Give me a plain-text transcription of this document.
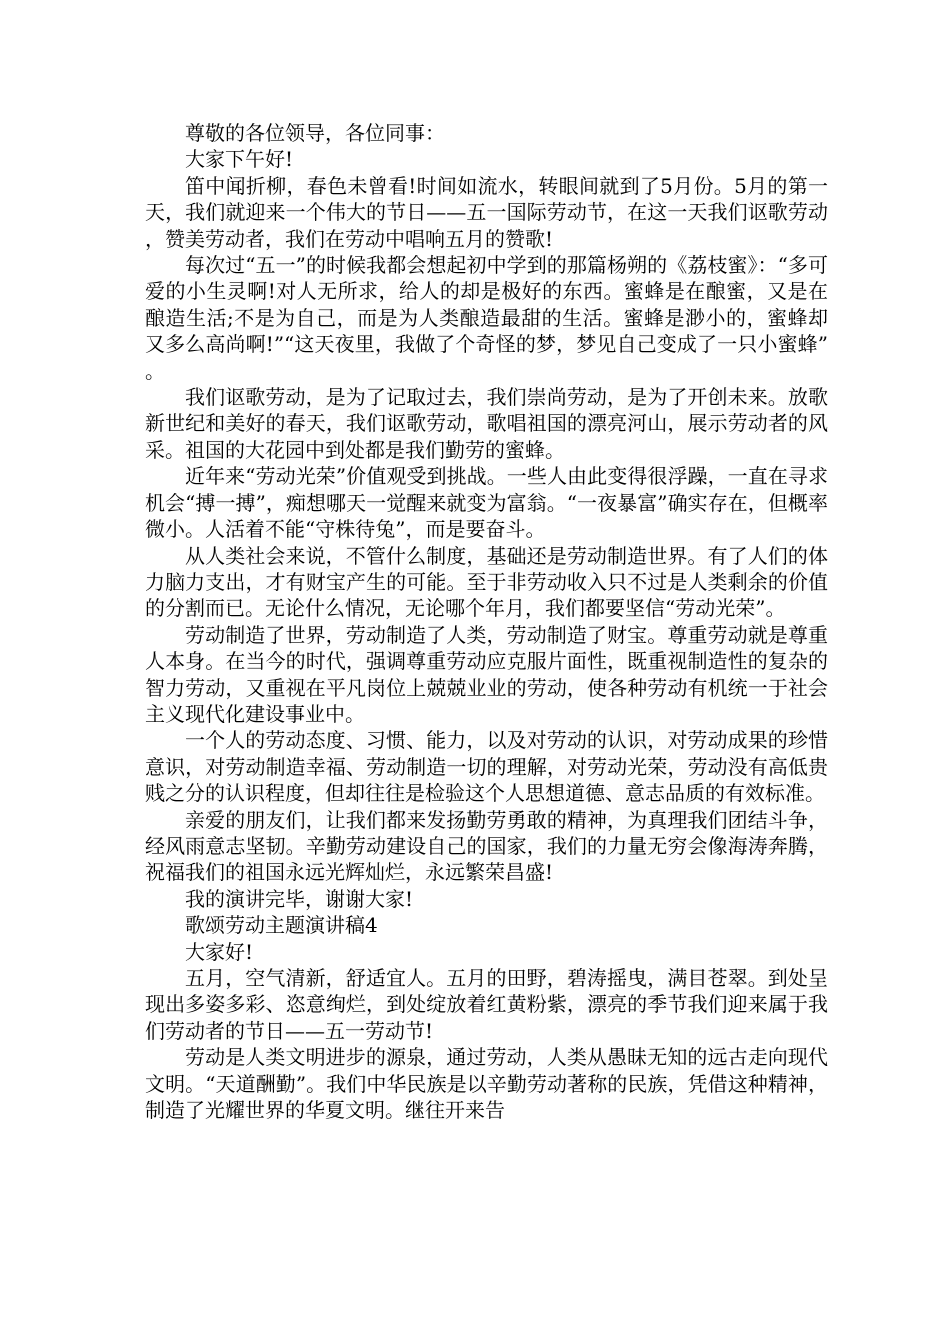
尊敬的各位领导，各位同事：

大家下午好!

笛中闻折柳，春色未曾看!时间如流水，转眼间就到了5月份。5月的第一天，我们就迎来一个伟大的节日——五一国际劳动节，在这一天我们讴歌劳动，赞美劳动者，我们在劳动中唱响五月的赞歌!

每次过“五一”的时候我都会想起初中学到的那篇杨朔的《荔枝蜜》：“多可爱的小生灵啊!对人无所求，给人的却是极好的东西。蜜蜂是在酿蜜，又是在酿造生活;不是为自己，而是为人类酿造最甜的生活。蜜蜂是渺小的，蜜蜂却又多么高尚啊!”“这天夜里，我做了个奇怪的梦，梦见自己变成了一只小蜜蜂”。

我们讴歌劳动，是为了记取过去，我们崇尚劳动，是为了开创未来。放歌新世纪和美好的春天，我们讴歌劳动，歌唱祖国的漂亮河山，展示劳动者的风采。祖国的大花园中到处都是我们勤劳的蜜蜂。

近年来“劳动光荣”价值观受到挑战。一些人由此变得很浮躁，一直在寻求机会“搏一搏”，痴想哪天一觉醒来就变为富翁。“一夜暴富”确实存在，但概率微小。人活着不能“守株待兔”，而是要奋斗。

从人类社会来说，不管什么制度，基础还是劳动制造世界。有了人们的体力脑力支出，才有财宝产生的可能。至于非劳动收入只不过是人类剩余的价值的分割而已。无论什么情况，无论哪个年月，我们都要坚信“劳动光荣”。

劳动制造了世界，劳动制造了人类，劳动制造了财宝。尊重劳动就是尊重人本身。在当今的时代，强调尊重劳动应克服片面性，既重视制造性的复杂的智力劳动，又重视在平凡岗位上兢兢业业的劳动，使各种劳动有机统一于社会主义现代化建设事业中。

一个人的劳动态度、习惯、能力，以及对劳动的认识，对劳动成果的珍惜意识，对劳动制造幸福、劳动制造一切的理解，对劳动光荣，劳动没有高低贵贱之分的认识程度，但却往往是检验这个人思想道德、意志品质的有效标准。

亲爱的朋友们，让我们都来发扬勤劳勇敢的精神，为真理我们团结斗争，经风雨意志坚韧。辛勤劳动建设自己的国家，我们的力量无穷会像海涛奔腾，祝福我们的祖国永远光辉灿烂，永远繁荣昌盛!

我的演讲完毕，谢谢大家!

歌颂劳动主题演讲稿4

大家好!

五月，空气清新，舒适宜人。五月的田野，碧涛摇曳，满目苍翠。到处呈现出多姿多彩、恣意绚烂，到处绽放着红黄粉紫，漂亮的季节我们迎来属于我们劳动者的节日——五一劳动节!

劳动是人类文明进步的源泉，通过劳动，人类从愚昧无知的远古走向现代文明。“天道酬勤”。我们中华民族是以辛勤劳动著称的民族，凭借这种精神，制造了光耀世界的华夏文明。继往开来告
